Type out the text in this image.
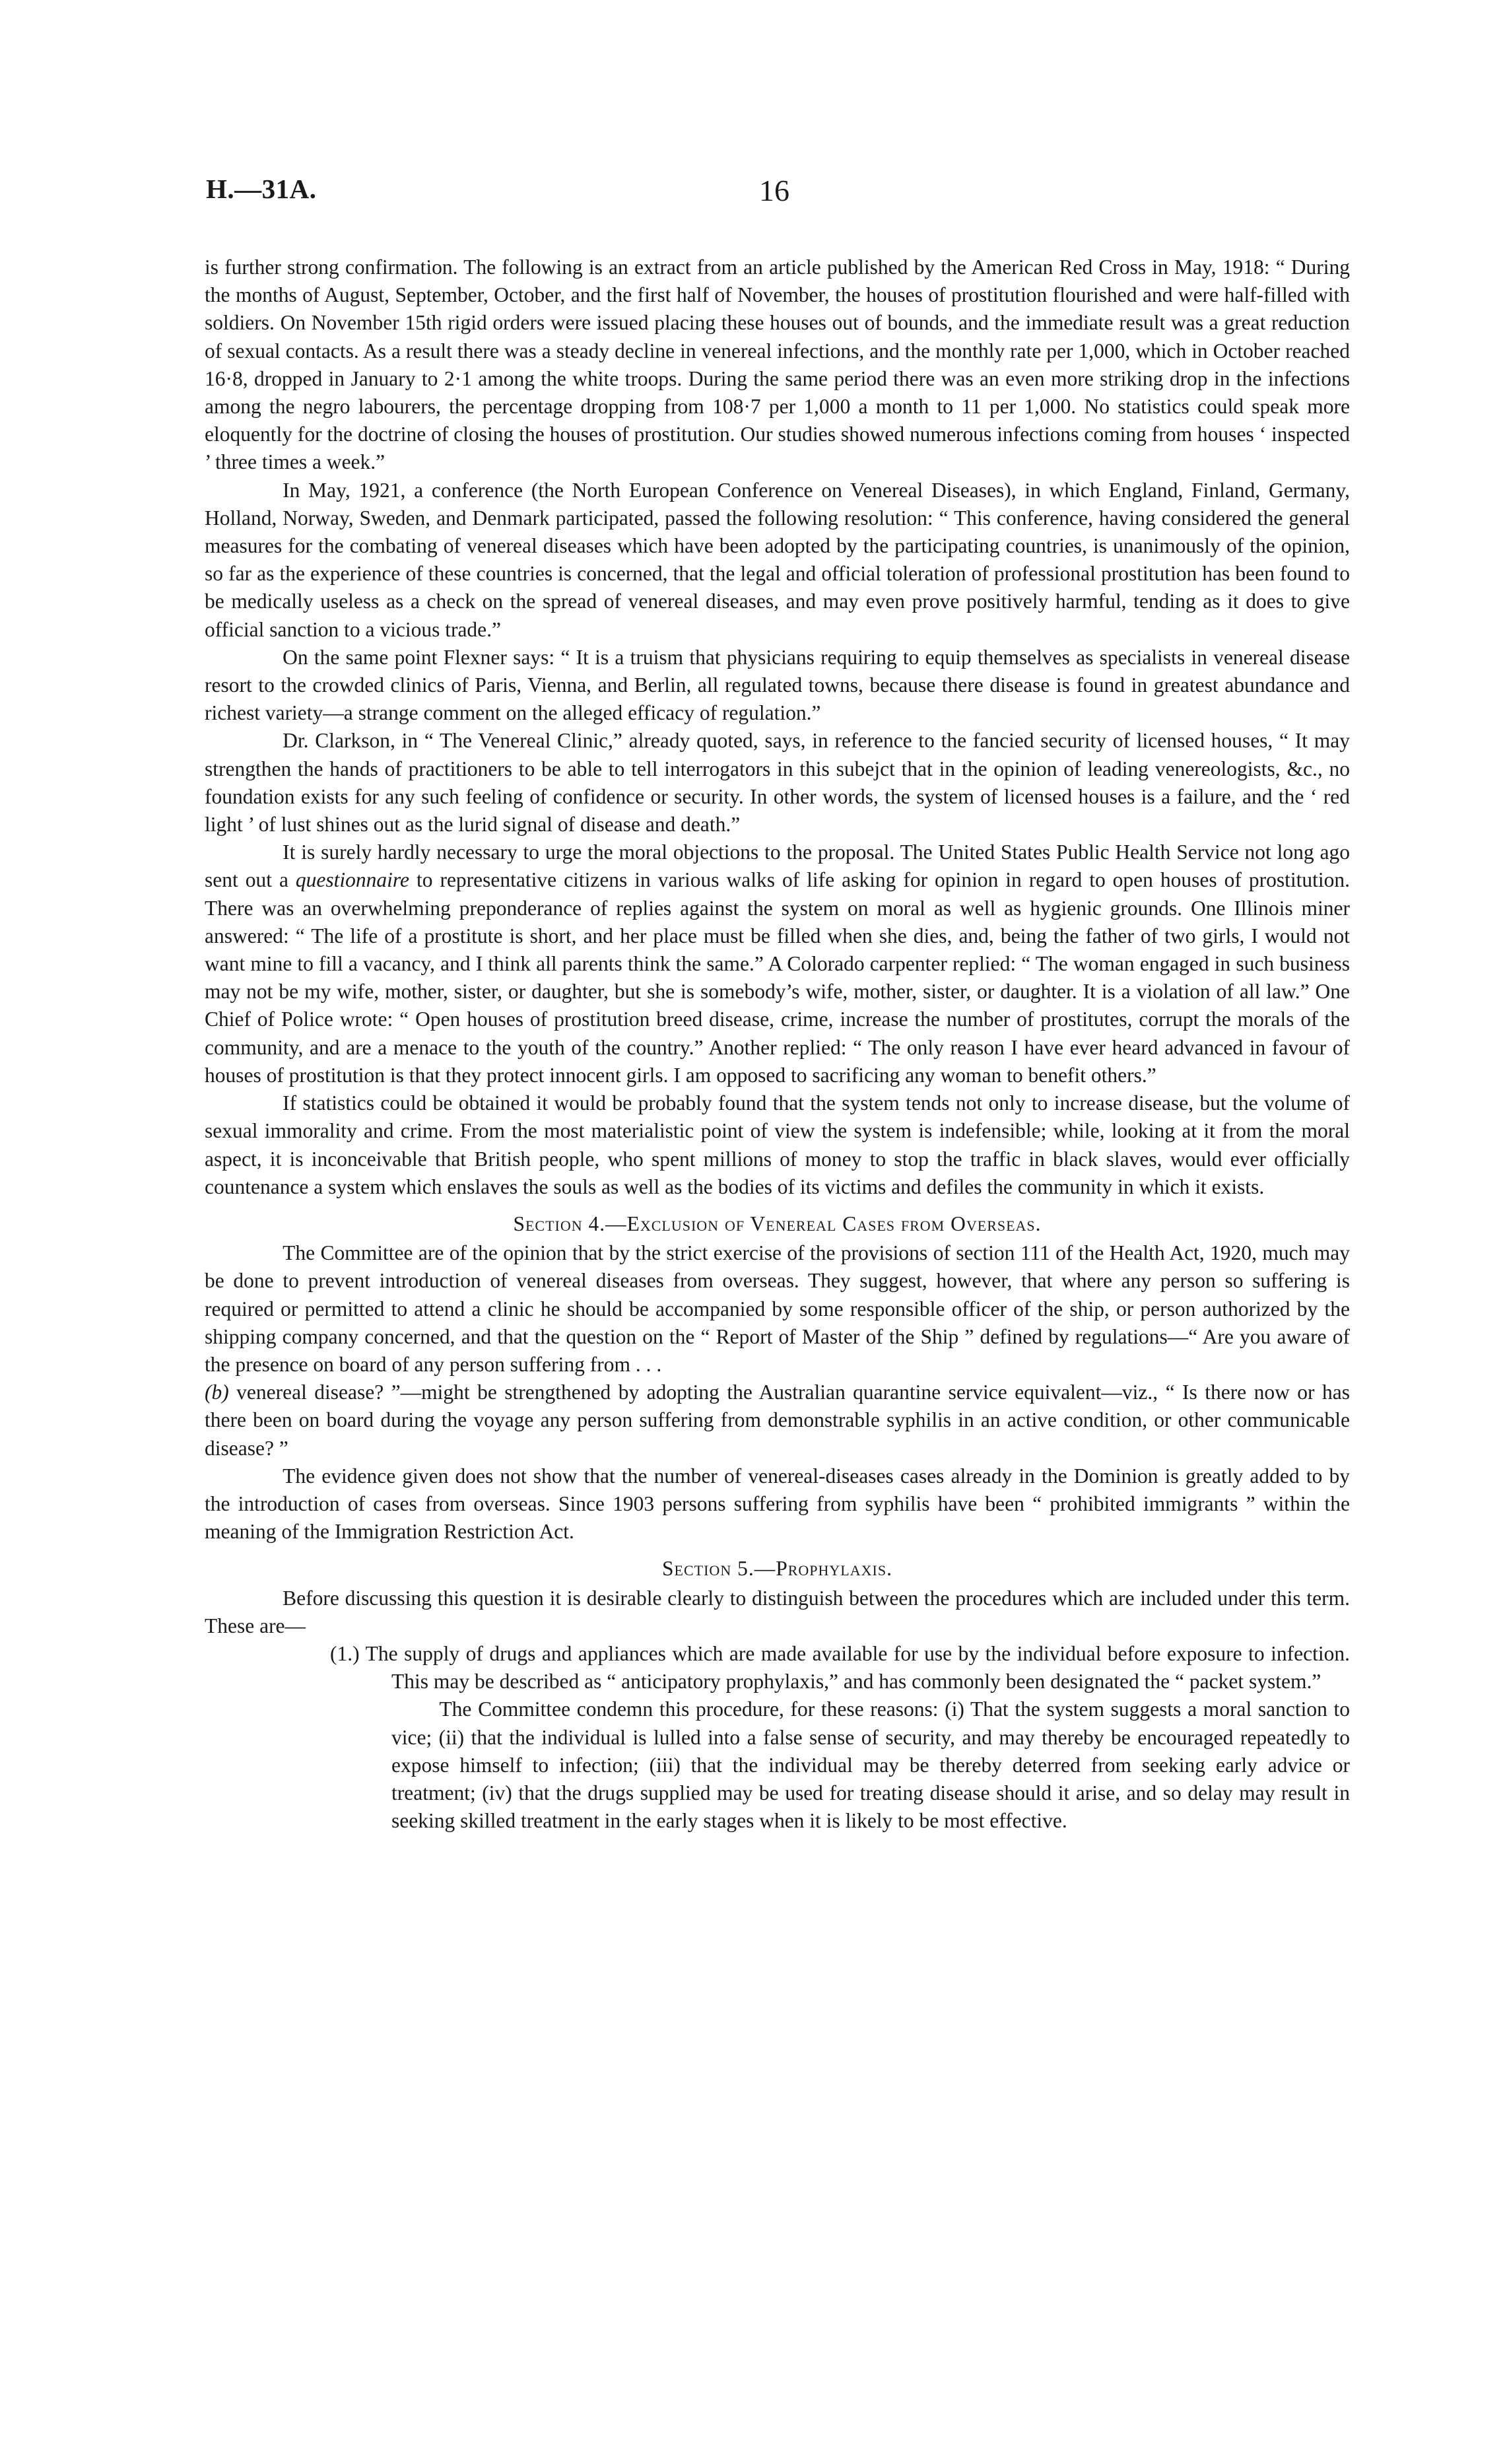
H.—31A.	16

is further strong confirmation. The following is an extract from an article published by the American Red Cross in May, 1918: “ During the months of August, September, October, and the first half of November, the houses of prostitution flourished and were half-filled with soldiers. On November 15th rigid orders were issued placing these houses out of bounds, and the immediate result was a great reduction of sexual contacts. As a result there was a steady decline in venereal infections, and the monthly rate per 1,000, which in October reached 16·8, dropped in January to 2·1 among the white troops. During the same period there was an even more striking drop in the infections among the negro labourers, the percentage dropping from 108·7 per 1,000 a month to 11 per 1,000. No statistics could speak more eloquently for the doctrine of closing the houses of prostitution. Our studies showed numerous infections coming from houses ‘ inspected ’ three times a week.”

In May, 1921, a conference (the North European Conference on Venereal Diseases), in which England, Finland, Germany, Holland, Norway, Sweden, and Denmark participated, passed the following resolution: “ This conference, having considered the general measures for the combating of venereal diseases which have been adopted by the participating countries, is unanimously of the opinion, so far as the experience of these countries is concerned, that the legal and official toleration of professional prostitution has been found to be medically useless as a check on the spread of venereal diseases, and may even prove positively harmful, tending as it does to give official sanction to a vicious trade.”

On the same point Flexner says: “ It is a truism that physicians requiring to equip themselves as specialists in venereal disease resort to the crowded clinics of Paris, Vienna, and Berlin, all regulated towns, because there disease is found in greatest abundance and richest variety—a strange comment on the alleged efficacy of regulation.”

Dr. Clarkson, in “ The Venereal Clinic,” already quoted, says, in reference to the fancied security of licensed houses, “ It may strengthen the hands of practitioners to be able to tell interrogators in this subejct that in the opinion of leading venereologists, &c., no foundation exists for any such feeling of confidence or security. In other words, the system of licensed houses is a failure, and the ‘ red light ’ of lust shines out as the lurid signal of disease and death.”

It is surely hardly necessary to urge the moral objections to the proposal. The United States Public Health Service not long ago sent out a questionnaire to representative citizens in various walks of life asking for opinion in regard to open houses of prostitution. There was an overwhelming preponderance of replies against the system on moral as well as hygienic grounds. One Illinois miner answered: “ The life of a prostitute is short, and her place must be filled when she dies, and, being the father of two girls, I would not want mine to fill a vacancy, and I think all parents think the same.” A Colorado carpenter replied: “ The woman engaged in such business may not be my wife, mother, sister, or daughter, but she is somebody’s wife, mother, sister, or daughter. It is a violation of all law.” One Chief of Police wrote: “ Open houses of prostitution breed disease, crime, increase the number of prostitutes, corrupt the morals of the community, and are a menace to the youth of the country.” Another replied: “ The only reason I have ever heard advanced in favour of houses of prostitution is that they protect innocent girls. I am opposed to sacrificing any woman to benefit others.”

If statistics could be obtained it would be probably found that the system tends not only to increase disease, but the volume of sexual immorality and crime. From the most materialistic point of view the system is indefensible; while, looking at it from the moral aspect, it is inconceivable that British people, who spent millions of money to stop the traffic in black slaves, would ever officially countenance a system which enslaves the souls as well as the bodies of its victims and defiles the community in which it exists.

Section 4.—Exclusion of Venereal Cases from Overseas.

The Committee are of the opinion that by the strict exercise of the provisions of section 111 of the Health Act, 1920, much may be done to prevent introduction of venereal diseases from overseas. They suggest, however, that where any person so suffering is required or permitted to attend a clinic he should be accompanied by some responsible officer of the ship, or person authorized by the shipping company concerned, and that the question on the “ Report of Master of the Ship ” defined by regulations—“ Are you aware of the presence on board of any person suffering from . . .

(b) venereal disease? ”—might be strengthened by adopting the Australian quarantine service equivalent—viz., “ Is there now or has there been on board during the voyage any person suffering from demonstrable syphilis in an active condition, or other communicable disease? ”

The evidence given does not show that the number of venereal-diseases cases already in the Dominion is greatly added to by the introduction of cases from overseas. Since 1903 persons suffering from syphilis have been “ prohibited immigrants ” within the meaning of the Immigration Restriction Act.

Section 5.—Prophylaxis.

Before discussing this question it is desirable clearly to distinguish between the procedures which are included under this term. These are—

(1.) The supply of drugs and appliances which are made available for use by the individual before exposure to infection. This may be described as “ anticipatory prophylaxis,” and has commonly been designated the “ packet system.”

The Committee condemn this procedure, for these reasons: (i) That the system suggests a moral sanction to vice; (ii) that the individual is lulled into a false sense of security, and may thereby be encouraged repeatedly to expose himself to infection; (iii) that the individual may be thereby deterred from seeking early advice or treatment; (iv) that the drugs supplied may be used for treating disease should it arise, and so delay may result in seeking skilled treatment in the early stages when it is likely to be most effective.
